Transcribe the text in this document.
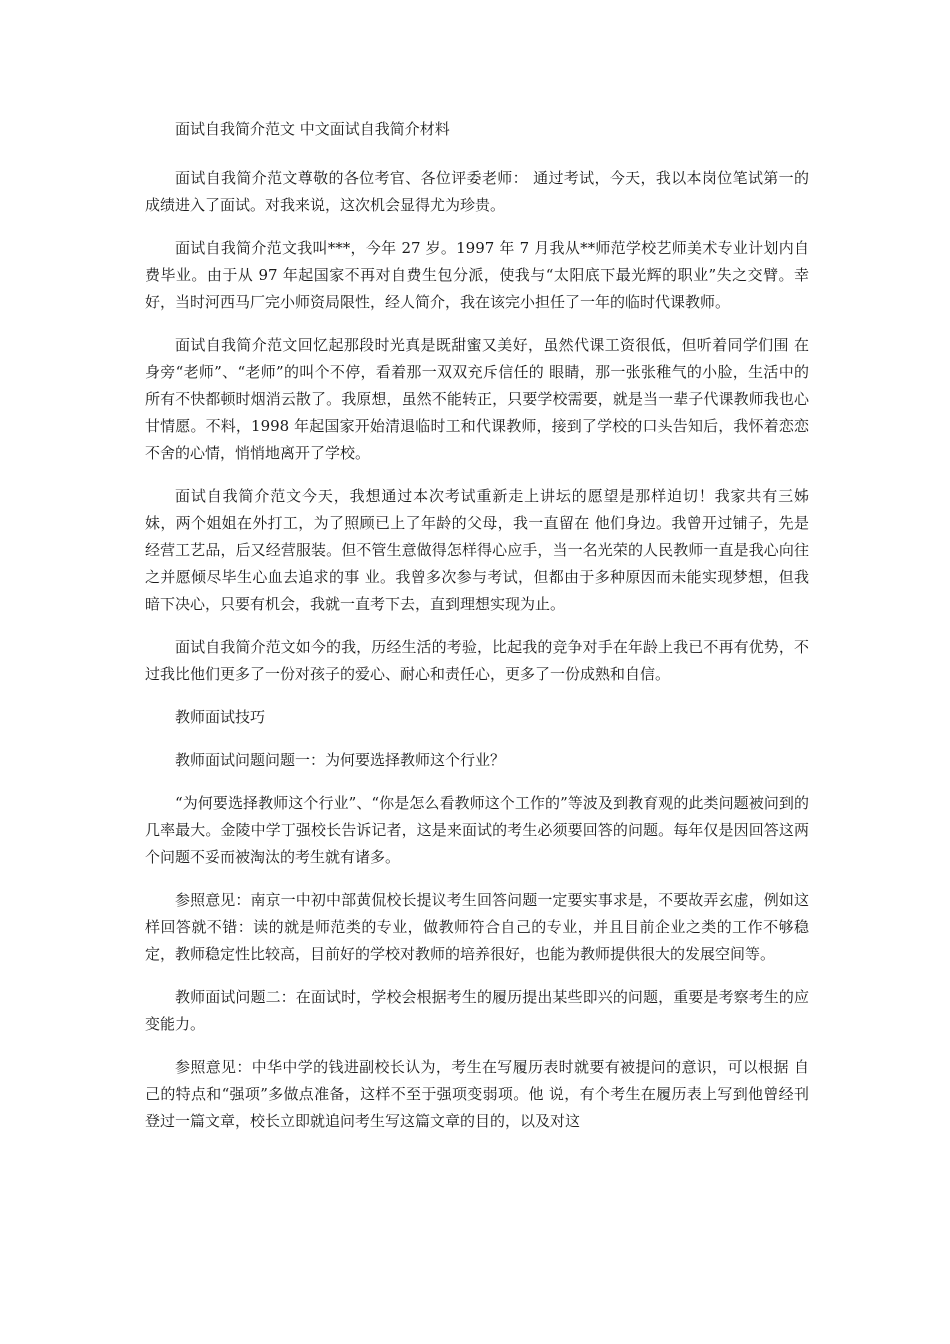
面试自我简介范文 中文面试自我简介材料

面试自我简介范文尊敬的各位考官、各位评委老师： 通过考试，今天，我以本岗位笔试第一的成绩进入了面试。对我来说，这次机会显得尤为珍贵。

面试自我简介范文我叫***，今年 27 岁。1997 年 7 月我从**师范学校艺师美术专业计划内自费毕业。由于从 97 年起国家不再对自费生包分派，使我与“太阳底下最光辉的职业”失之交臂。幸好，当时河西马厂完小师资局限性，经人简介，我在该完小担任了一年的临时代课教师。

面试自我简介范文回忆起那段时光真是既甜蜜又美好，虽然代课工资很低，但听着同学们围 在身旁“老师”、“老师”的叫个不停，看着那一双双充斥信任的 眼睛，那一张张稚气的小脸，生活中的所有不快都顿时烟消云散了。我原想，虽然不能转正，只要学校需要，就是当一辈子代课教师我也心甘情愿。不料，1998 年起国家开始清退临时工和代课教师，接到了学校的口头告知后，我怀着恋恋不舍的心情，悄悄地离开了学校。

面试自我简介范文今天，我想通过本次考试重新走上讲坛的愿望是那样迫切！我家共有三姊 妹，两个姐姐在外打工，为了照顾已上了年龄的父母，我一直留在 他们身边。我曾开过铺子，先是经营工艺品，后又经营服装。但不管生意做得怎样得心应手，当一名光荣的人民教师一直是我心向往之并愿倾尽毕生心血去追求的事 业。我曾多次参与考试，但都由于多种原因而未能实现梦想，但我暗下决心，只要有机会，我就一直考下去，直到理想实现为止。

面试自我简介范文如今的我，历经生活的考验，比起我的竞争对手在年龄上我已不再有优势，不过我比他们更多了一份对孩子的爱心、耐心和责任心，更多了一份成熟和自信。

教师面试技巧

教师面试问题问题一：为何要选择教师这个行业？

“为何要选择教师这个行业”、“你是怎么看教师这个工作的”等波及到教育观的此类问题被问到的几率最大。金陵中学丁强校长告诉记者，这是来面试的考生必须要回答的问题。每年仅是因回答这两个问题不妥而被淘汰的考生就有诸多。

参照意见：南京一中初中部黄侃校长提议考生回答问题一定要实事求是，不要故弄玄虚，例如这样回答就不错：读的就是师范类的专业，做教师符合自己的专业，并且目前企业之类的工作不够稳定，教师稳定性比较高，目前好的学校对教师的培养很好，也能为教师提供很大的发展空间等。

教师面试问题二：在面试时，学校会根据考生的履历提出某些即兴的问题，重要是考察考生的应变能力。

参照意见：中华中学的钱进副校长认为，考生在写履历表时就要有被提问的意识，可以根据 自己的特点和“强项”多做点准备，这样不至于强项变弱项。他 说，有个考生在履历表上写到他曾经刊登过一篇文章，校长立即就追问考生写这篇文章的目的，以及对这
